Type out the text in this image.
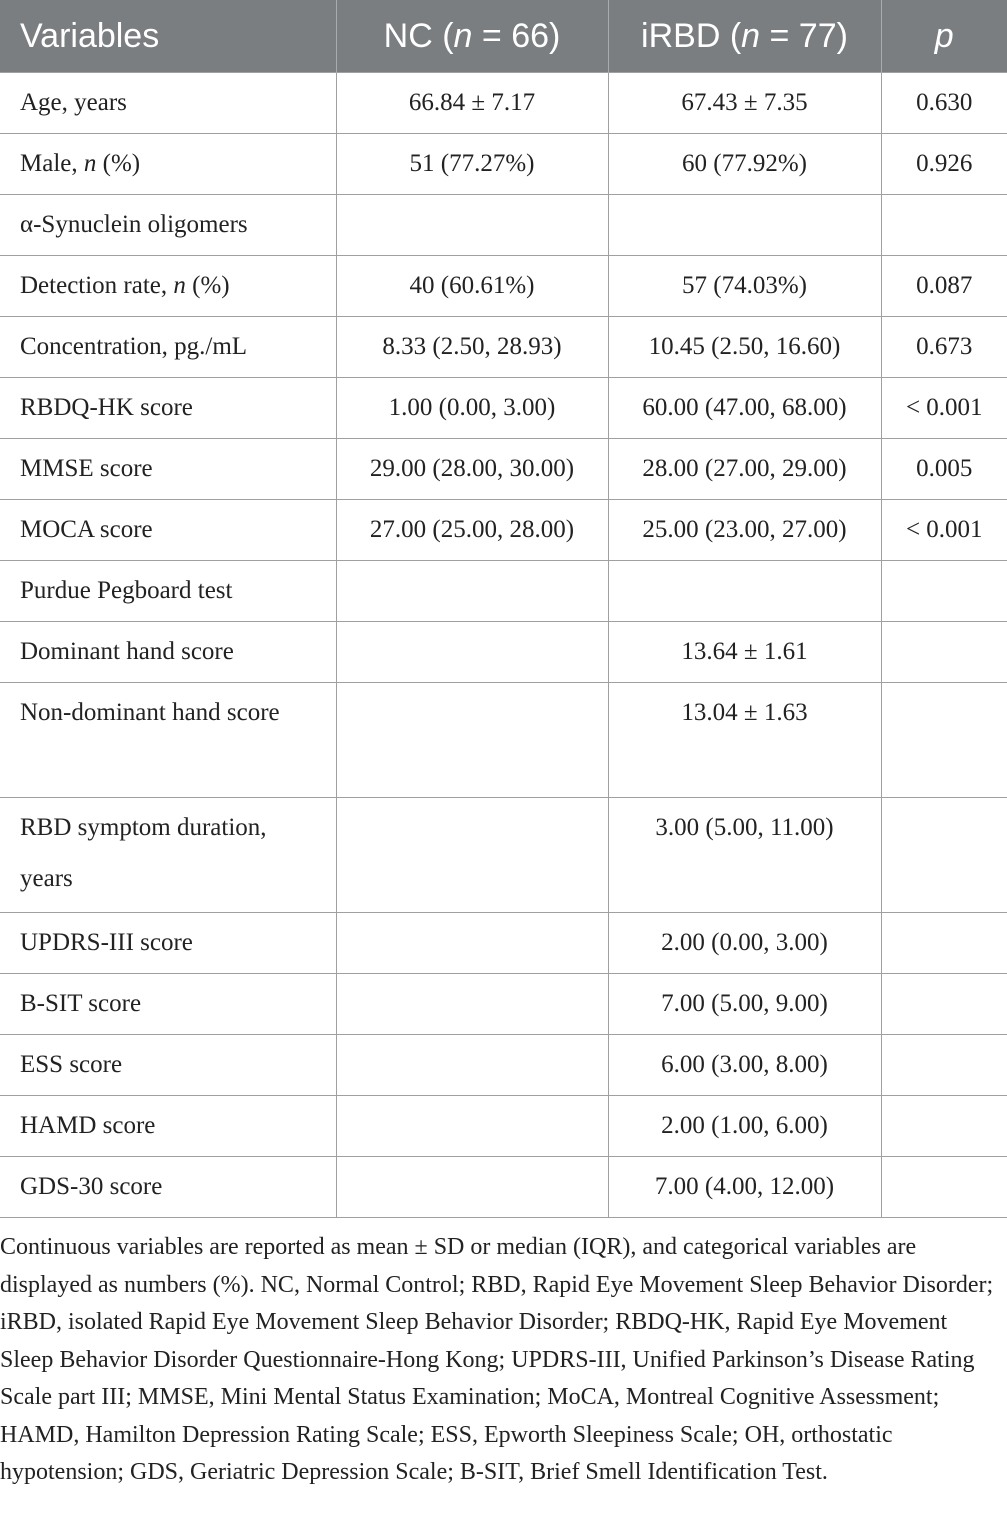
Variables	NC (n = 66)	iRBD (n = 77)	p
Age, years	66.84 ± 7.17	67.43 ± 7.35	0.630
Male, n (%)	51 (77.27%)	60 (77.92%)	0.926
α-Synuclein oligomers			
Detection rate, n (%)	40 (60.61%)	57 (74.03%)	0.087
Concentration, pg./mL	8.33 (2.50, 28.93)	10.45 (2.50, 16.60)	0.673
RBDQ-HK score	1.00 (0.00, 3.00)	60.00 (47.00, 68.00)	< 0.001
MMSE score	29.00 (28.00, 30.00)	28.00 (27.00, 29.00)	0.005
MOCA score	27.00 (25.00, 28.00)	25.00 (23.00, 27.00)	< 0.001
Purdue Pegboard test			
Dominant hand score		13.64 ± 1.61	
Non-dominant hand score		13.04 ± 1.63	
RBD symptom duration, years		3.00 (5.00, 11.00)	
UPDRS-III score		2.00 (0.00, 3.00)	
B-SIT score		7.00 (5.00, 9.00)	
ESS score		6.00 (3.00, 8.00)	
HAMD score		2.00 (1.00, 6.00)	
GDS-30 score		7.00 (4.00, 12.00)	

Continuous variables are reported as mean ± SD or median (IQR), and categorical variables are displayed as numbers (%). NC, Normal Control; RBD, Rapid Eye Movement Sleep Behavior Disorder; iRBD, isolated Rapid Eye Movement Sleep Behavior Disorder; RBDQ-HK, Rapid Eye Movement Sleep Behavior Disorder Questionnaire-Hong Kong; UPDRS-III, Unified Parkinson’s Disease Rating Scale part III; MMSE, Mini Mental Status Examination; MoCA, Montreal Cognitive Assessment; HAMD, Hamilton Depression Rating Scale; ESS, Epworth Sleepiness Scale; OH, orthostatic hypotension; GDS, Geriatric Depression Scale; B-SIT, Brief Smell Identification Test.
